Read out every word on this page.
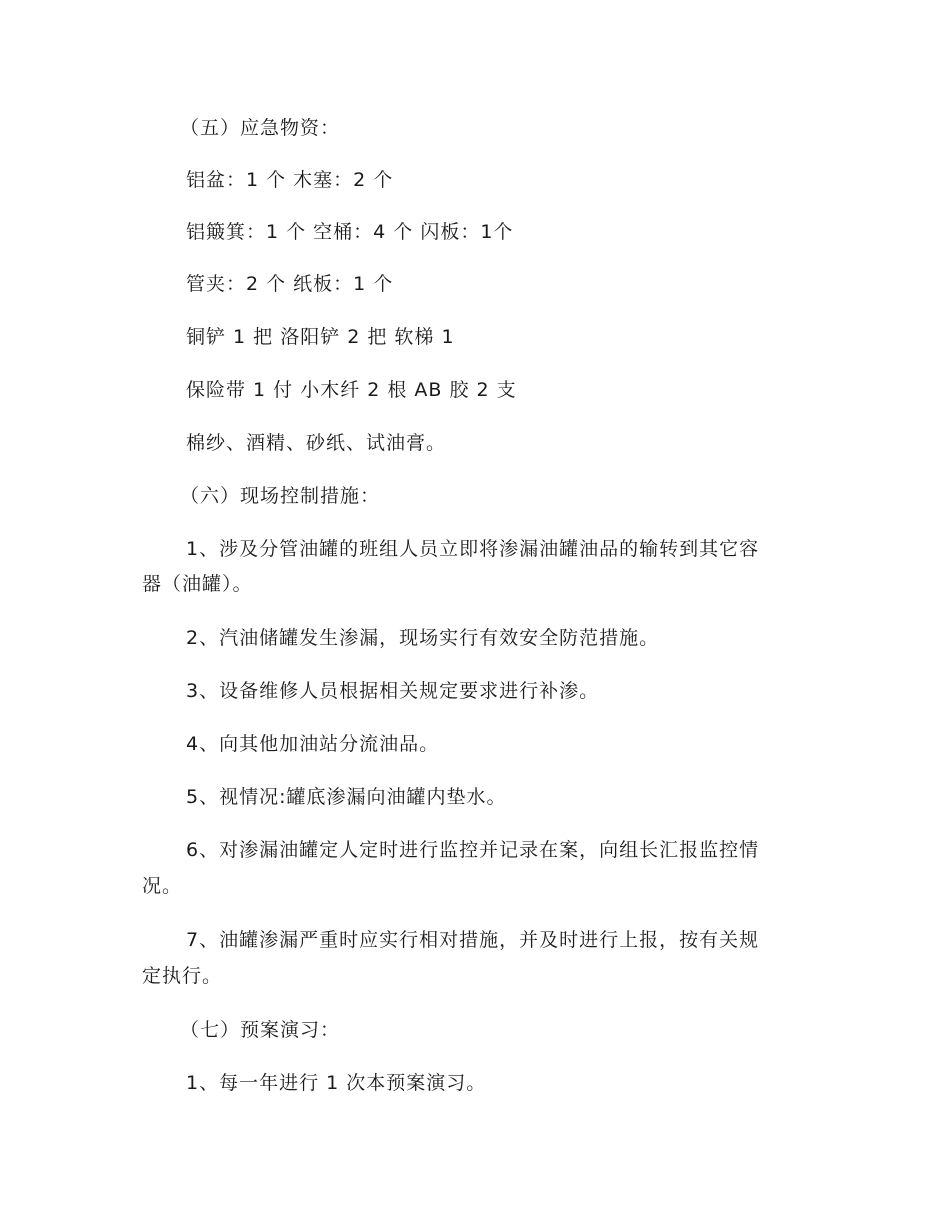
（五）应急物资：
铝盆：1 个 木塞：2 个
铝簸箕：1 个 空桶：4 个 闪板：1个
管夹：2 个 纸板：1 个
铜铲 1 把 洛阳铲 2 把 软梯 1
保险带 1 付 小木纤 2 根 AB 胶 2 支
棉纱、酒精、砂纸、试油膏。
（六）现场控制措施：
1、涉及分管油罐的班组人员立即将渗漏油罐油品的输转到其它容
器（油罐）。
2、汽油储罐发生渗漏，现场实行有效安全防范措施。
3、设备维修人员根据相关规定要求进行补渗。
4、向其他加油站分流油品。
5、视情况:罐底渗漏向油罐内垫水。
6、对渗漏油罐定人定时进行监控并记录在案，向组长汇报监控情
况。
7、油罐渗漏严重时应实行相对措施，并及时进行上报，按有关规
定执行。
（七）预案演习：
1、每一年进行 1 次本预案演习。
